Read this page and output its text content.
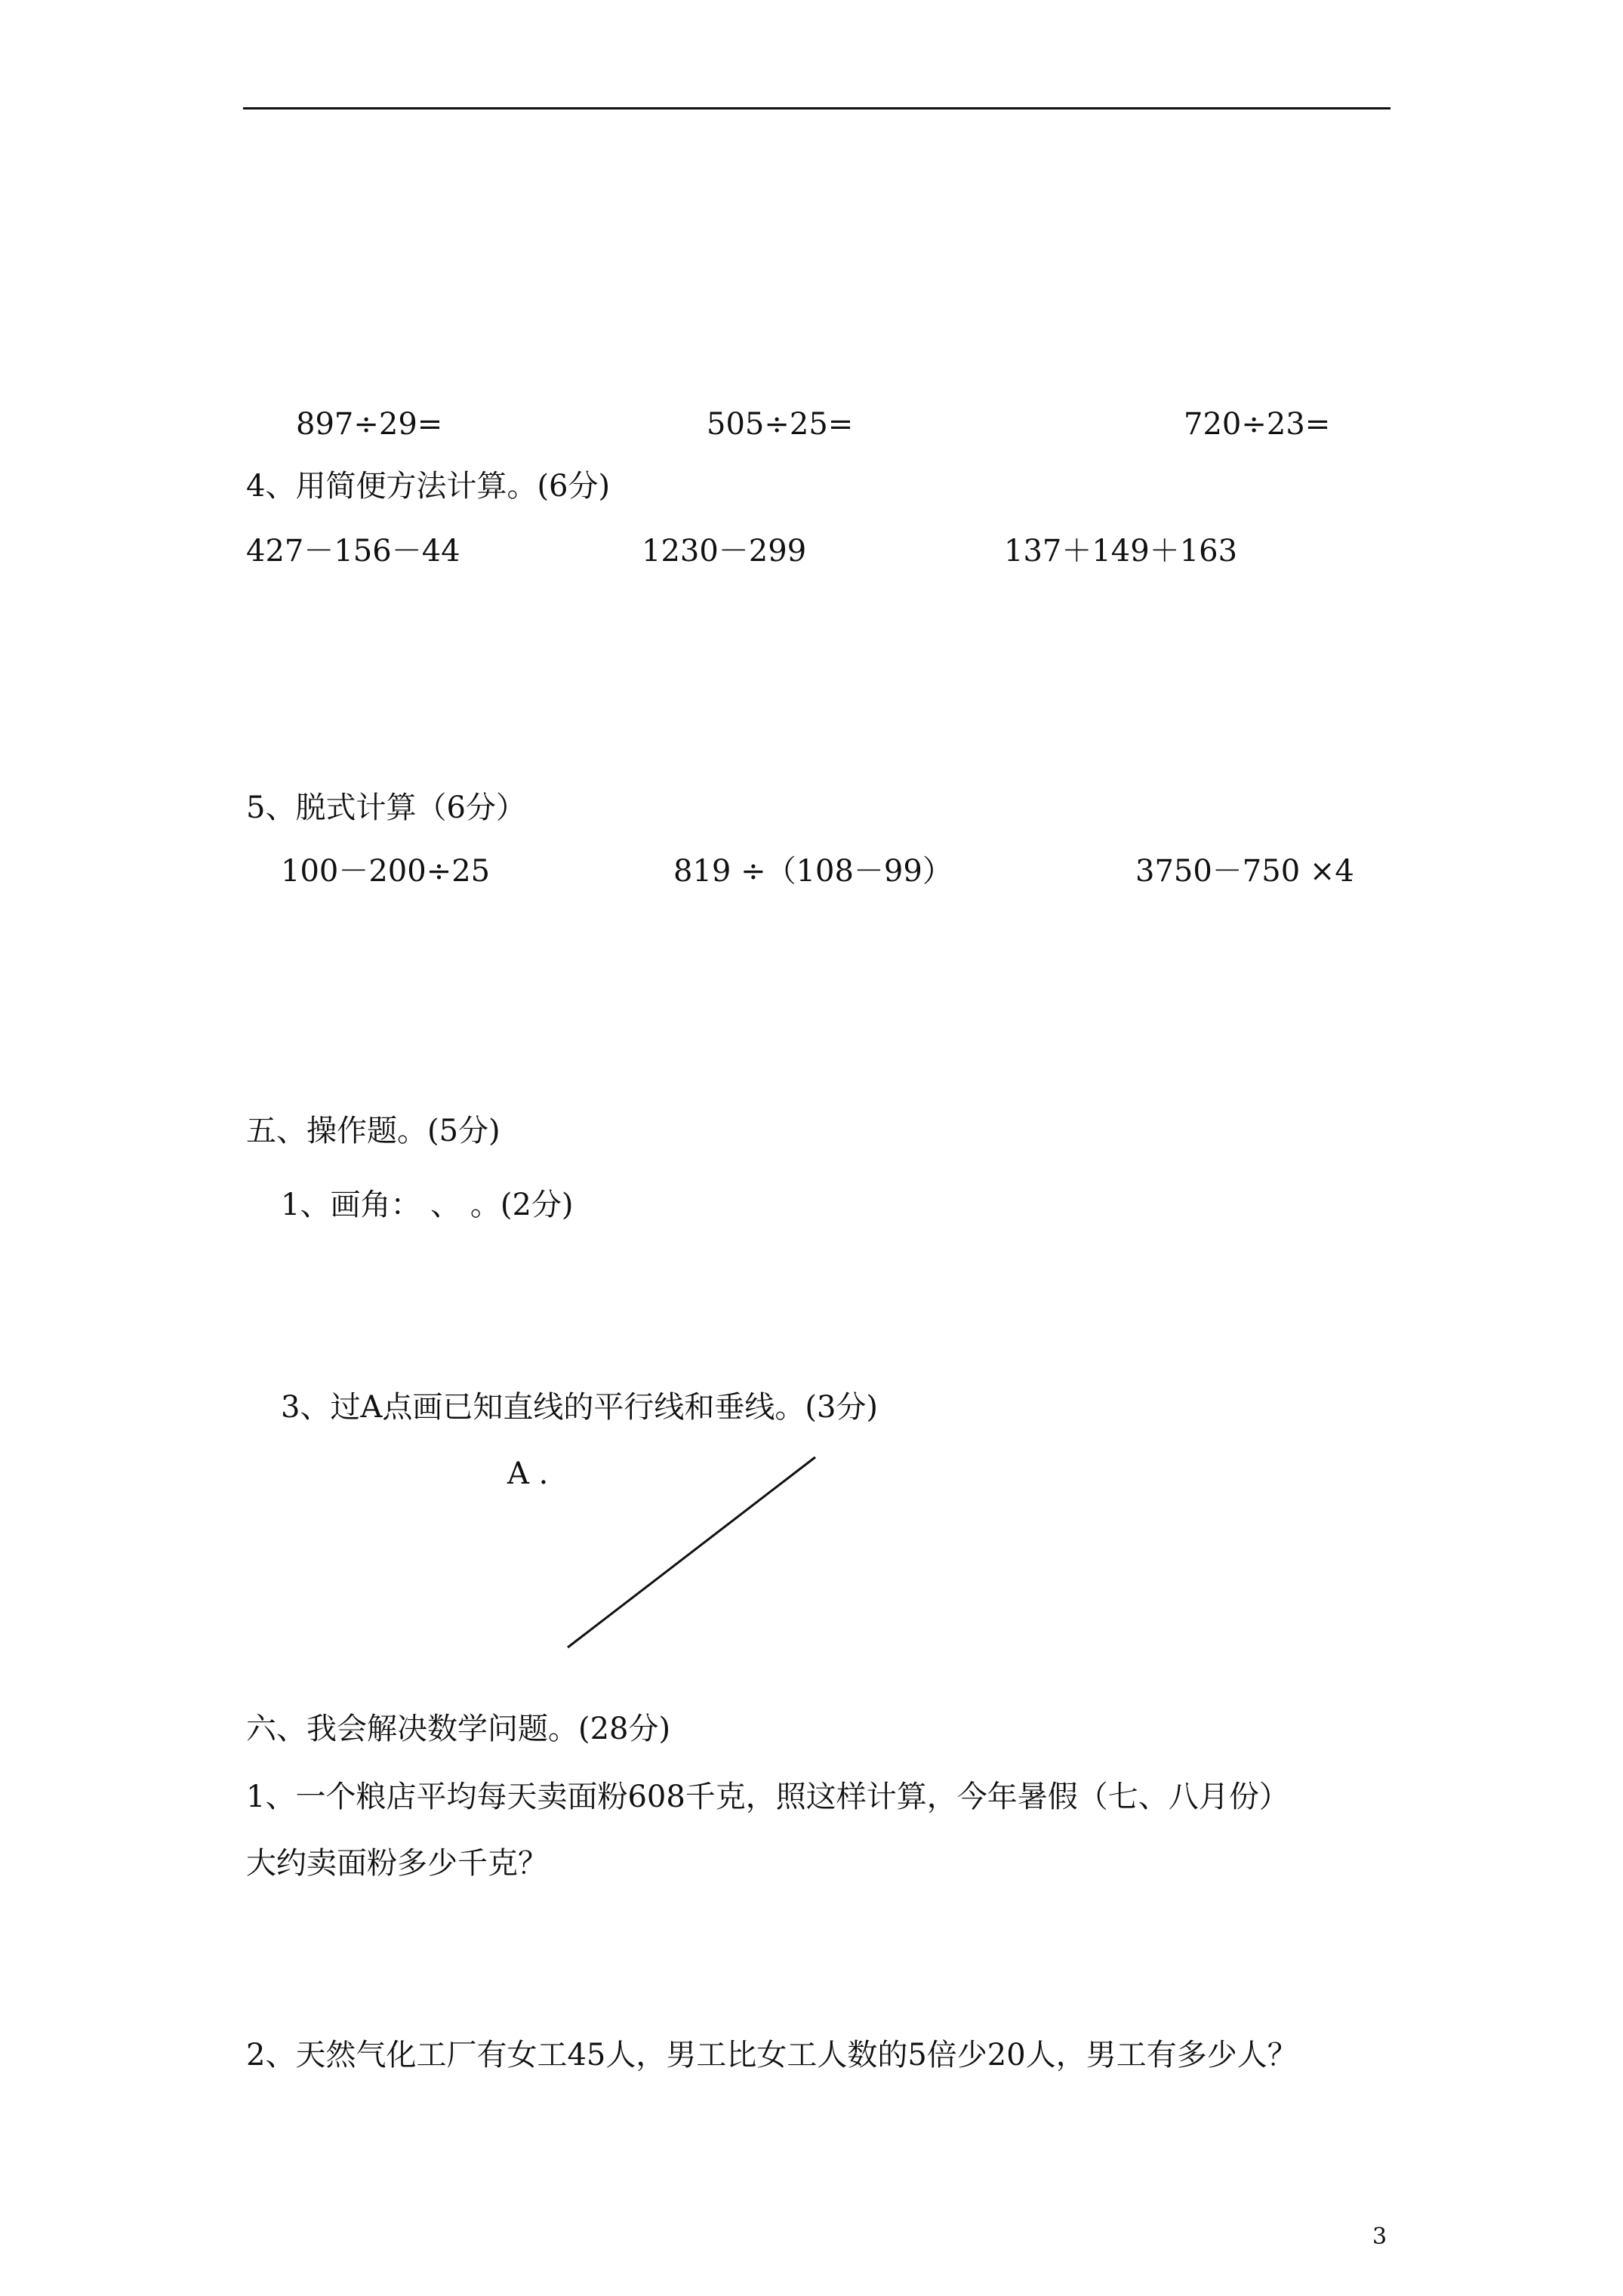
897÷29=	505÷25=	720÷23=
4、用简便方法计算。(6分)
427－156－44	1230－299	137＋149＋163
5、脱式计算（6分）
100－200÷25	819 ÷（108－99）	3750－750 ×4
五、操作题。(5分)
1、画角： 、 。(2分)
3、过A点画已知直线的平行线和垂线。(3分)
A .
六、我会解决数学问题。(28分)
1、一个粮店平均每天卖面粉608千克，照这样计算，今年暑假（七、八月份）
大约卖面粉多少千克？
2、天然气化工厂有女工45人，男工比女工人数的5倍少20人，男工有多少人？
3
